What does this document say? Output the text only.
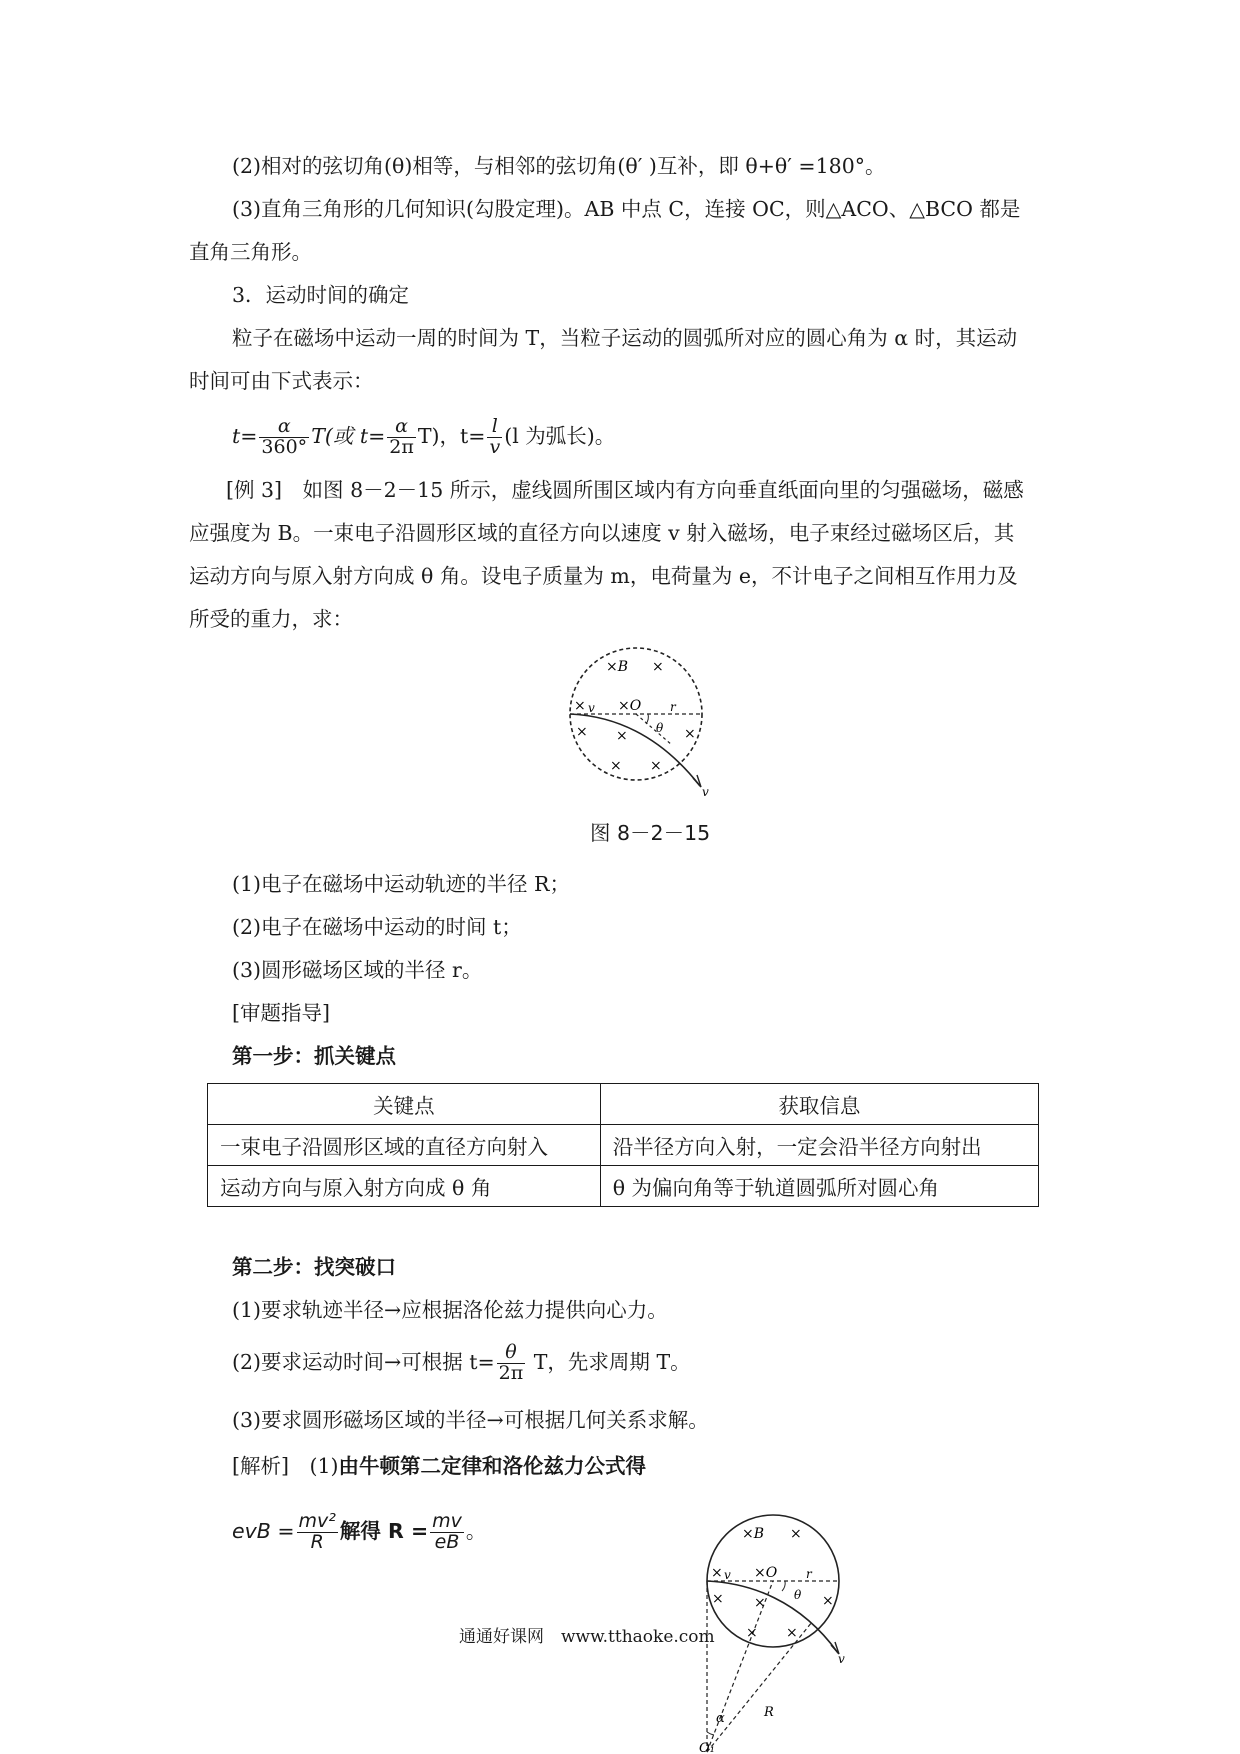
(2)相对的弦切角(θ)相等，与相邻的弦切角(θ′ )互补，即 θ+θ′ =180°。
(3)直角三角形的几何知识(勾股定理)。AB 中点 C，连接 OC，则△ACO、△BCO 都是
直角三角形。
3．运动时间的确定
粒子在磁场中运动一周的时间为 T，当粒子运动的圆弧所对应的圆心角为 α 时，其运动
时间可由下式表示：
$t= \frac{\alpha}{360^\circ} T$(或 $t= \frac{\alpha}{2\pi} T$)，$t= \frac{l}{v} (l$ 为弧长)。
[例 3]　如图 8－2－15 所示，虚线圆所围区域内有方向垂直纸面向里的匀强磁场，磁感
应强度为 B。一束电子沿圆形区域的直径方向以速度 v 射入磁场，电子束经过磁场区后，其
运动方向与原入射方向成 θ 角。设电子质量为 m，电荷量为 e，不计电子之间相互作用力及
所受的重力，求：
×B ×
×O
v	r
θ
×
× ×	×
× ×
v
图 8－2－15
(1)电子在磁场中运动轨迹的半径 R；
(2)电子在磁场中运动的时间 t；
(3)圆形磁场区域的半径 r。
[审题指导]
第一步：抓关键点
关键点	获取信息
一束电子沿圆形区域的直径方向射入	沿半径方向入射，一定会沿半径方向射出
运动方向与原入射方向成 θ 角	θ 为偏向角等于轨道圆弧所对圆心角
第二步：找突破口
(1)要求轨迹半径→应根据洛伦兹力提供向心力。
(2)要求运动时间→可根据 $t= \frac{\theta}{2\pi}$ T，先求周期 T。
(3)要求圆形磁场区域的半径→可根据几何关系求解。
[解析]　(1)由牛顿第二定律和洛伦兹力公式得
evB = $\frac{\text{mv²}}{R}$ 解得 $R = \frac{mv}{eB}$ 。	×B ×
×O
v	r
θ
×
× ×	×
× ×
v
α	R
O₁
通通好课网　www.tthaoke.com
